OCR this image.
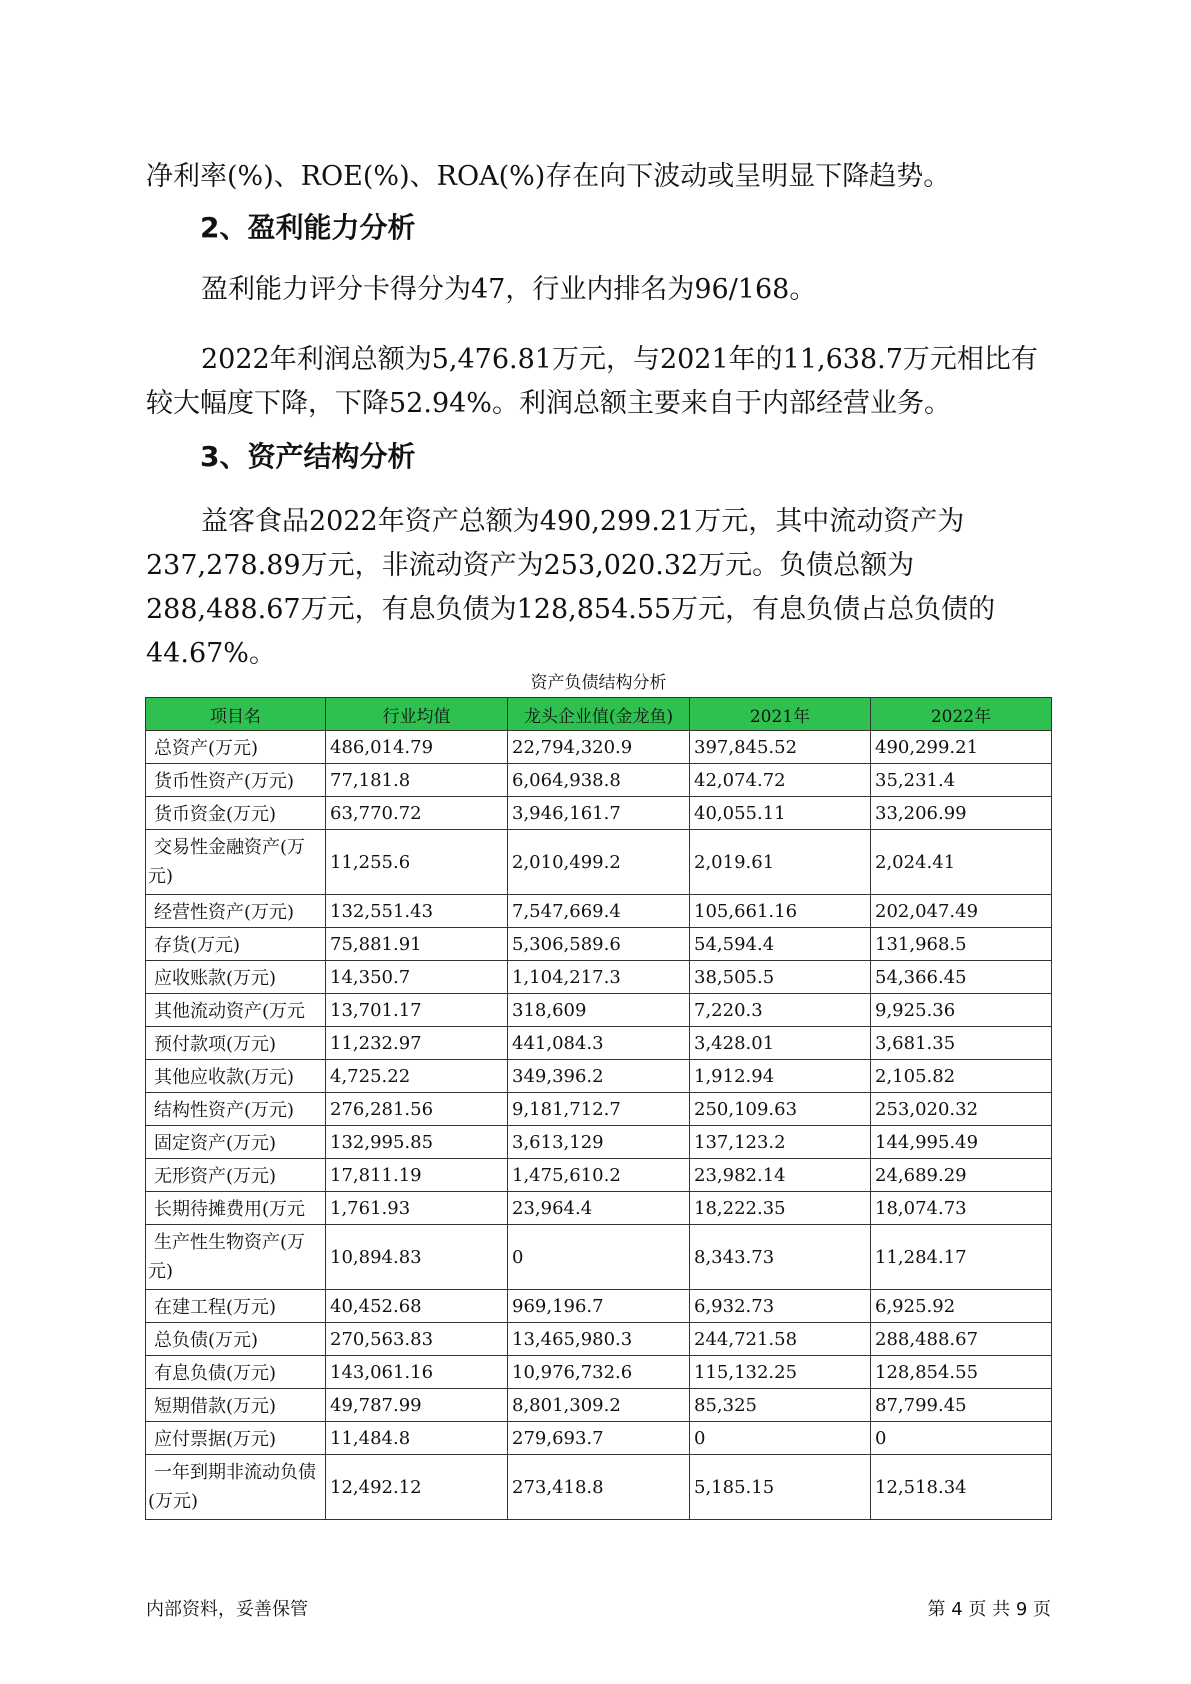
净利率(%)、ROE(%)、ROA(%)存在向下波动或呈明显下降趋势。

2、盈利能力分析

盈利能力评分卡得分为47，行业内排名为96/168。

2022年利润总额为5,476.81万元，与2021年的11,638.7万元相比有较大幅度下降，下降52.94%。利润总额主要来自于内部经营业务。

3、资产结构分析

益客食品2022年资产总额为490,299.21万元，其中流动资产为237,278.89万元，非流动资产为253,020.32万元。负债总额为288,488.67万元，有息负债为128,854.55万元，有息负债占总负债的44.67%。

资产负债结构分析

项目名	行业均值	龙头企业值(金龙鱼)	2021年	2022年
总资产(万元)	486,014.79	22,794,320.9	397,845.52	490,299.21
货币性资产(万元)	77,181.8	6,064,938.8	42,074.72	35,231.4
货币资金(万元)	63,770.72	3,946,161.7	40,055.11	33,206.99
交易性金融资产(万元)	11,255.6	2,010,499.2	2,019.61	2,024.41
经营性资产(万元)	132,551.43	7,547,669.4	105,661.16	202,047.49
存货(万元)	75,881.91	5,306,589.6	54,594.4	131,968.5
应收账款(万元)	14,350.7	1,104,217.3	38,505.5	54,366.45
其他流动资产(万元	13,701.17	318,609	7,220.3	9,925.36
预付款项(万元)	11,232.97	441,084.3	3,428.01	3,681.35
其他应收款(万元)	4,725.22	349,396.2	1,912.94	2,105.82
结构性资产(万元)	276,281.56	9,181,712.7	250,109.63	253,020.32
固定资产(万元)	132,995.85	3,613,129	137,123.2	144,995.49
无形资产(万元)	17,811.19	1,475,610.2	23,982.14	24,689.29
长期待摊费用(万元	1,761.93	23,964.4	18,222.35	18,074.73
生产性生物资产(万元)	10,894.83	0	8,343.73	11,284.17
在建工程(万元)	40,452.68	969,196.7	6,932.73	6,925.92
总负债(万元)	270,563.83	13,465,980.3	244,721.58	288,488.67
有息负债(万元)	143,061.16	10,976,732.6	115,132.25	128,854.55
短期借款(万元)	49,787.99	8,801,309.2	85,325	87,799.45
应付票据(万元)	11,484.8	279,693.7	0	0
一年到期非流动负债(万元)	12,492.12	273,418.8	5,185.15	12,518.34

内部资料，妥善保管	第 4 页 共 9 页
